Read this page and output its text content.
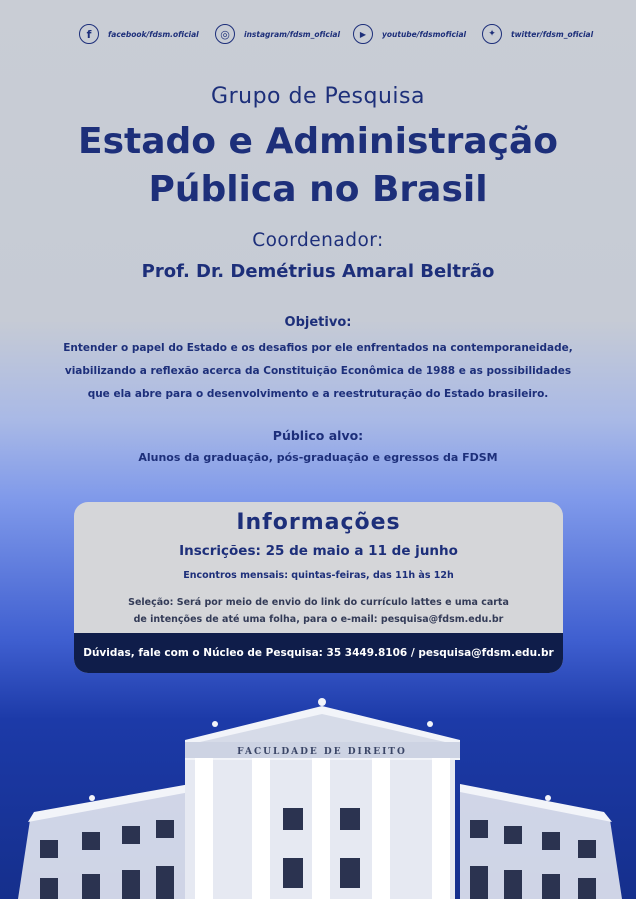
f	facebook/fdsm.oficial	◎	instagram/fdsm_oficial	▶	youtube/fdsmoficial	✦	twitter/fdsm_oficial
Grupo de Pesquisa
Estado e Administração
Pública no Brasil
Coordenador:
Prof. Dr. Demétrius Amaral Beltrão
Objetivo:
Entender o papel do Estado e os desafios por ele enfrentados na contemporaneidade,
viabilizando a reflexão acerca da Constituição Econômica de 1988 e as possibilidades
que ela abre para o desenvolvimento e a reestruturação do Estado brasileiro.
Público alvo:
Alunos da graduação, pós-graduação e egressos da FDSM
Informações
Inscrições: 25 de maio a 11 de junho
Encontros mensais: quintas-feiras, das 11h às 12h
Seleção: Será por meio de envio do link do currículo lattes e uma carta
de intenções de até uma folha, para o e-mail: pesquisa@fdsm.edu.br
Dúvidas, fale com o Núcleo de Pesquisa: 35 3449.8106 / pesquisa@fdsm.edu.br
FACULDADE DE DIREITO
